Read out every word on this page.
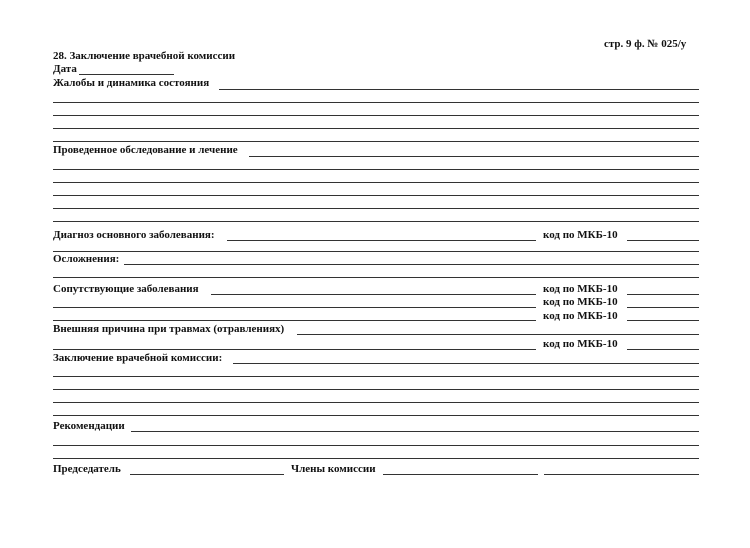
стр. 9 ф. № 025/у
28. Заключение врачебной комиссии
Дата
Жалобы и динамика состояния
Проведенное обследование и лечение
Диагноз основного заболевания:	код по МКБ-10
Осложнения:
Сопутствующие заболевания	код по МКБ-10
код по МКБ-10
код по МКБ-10
Внешняя причина при травмах (отравлениях)
код по МКБ-10
Заключение врачебной комиссии:
Рекомендации
Председатель	Члены комиссии
